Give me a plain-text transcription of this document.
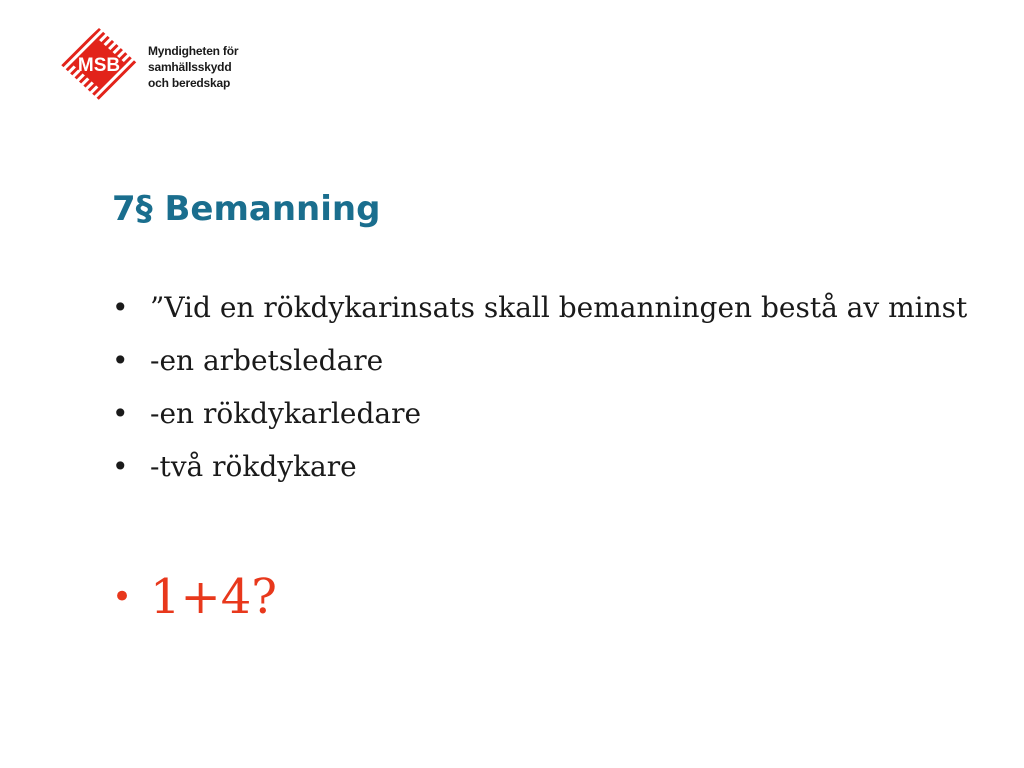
MSB
Myndigheten för
samhällsskydd
och beredskap
7§ Bemanning
• ”Vid en rökdykarinsats skall bemanningen bestå av minst
• -en arbetsledare
• -en rökdykarledare
• -två rökdykare
• 1+4?
